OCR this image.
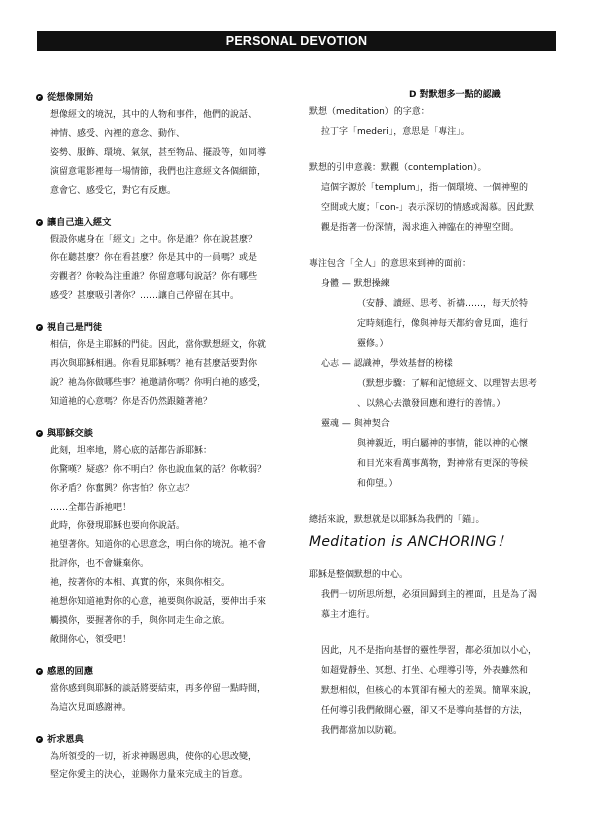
PERSONAL DEVOTION
從想像開始

想像經文的境況，其中的人物和事件，他們的說話、

神情、感受、內裡的意念、動作、

姿勢、服飾、環境、氣氛，甚至物品、擺設等，如同導

演留意電影裡每一場情節，我們也注意經文各個細節，

意會它、感受它，對它有反應。

讓自己進入經文

假設你處身在「經文」之中。你是誰？你在說甚麼？

你在聽甚麼？你在看甚麼？你是其中的一員嗎？或是

旁觀者？你較為注重誰？你留意哪句說話？你有哪些

感受？甚麼吸引著你？……讓自己停留在其中。

視自己是門徒

相信，你是主耶穌的門徒。因此，當你默想經文，你就

再次與耶穌相遇。你看見耶穌嗎？祂有甚麼話要對你

說？祂為你做哪些事？祂邀請你嗎？你明白祂的感受，

知道祂的心意嗎？你是否仍然跟隨著祂？

與耶穌交談

此刻，坦率地，將心底的話都告訴耶穌：

你驚嘆？疑惑？你不明白？你也說血氣的話？你軟弱？

你矛盾？你奮興？你害怕？你立志？

……全都告訴祂吧！

此時，你發現耶穌也要向你說話。

祂望著你。知道你的心思意念，明白你的境況。祂不會

批評你，也不會嫌棄你。

祂，按著你的本相、真實的你，來與你相交。

祂想你知道祂對你的心意，祂要與你說話，要伸出手來

觸摸你，要握著你的手，與你同走生命之旅。

敞開你心，領受吧！

感恩的回應

當你感到與耶穌的談話將要結束，再多停留一點時間，

為這次見面感謝神。

祈求恩典

為所領受的一切，祈求神賜恩典，使你的心思改變，

堅定你愛主的決心，並賜你力量來完成主的旨意。

D 對默想多一點的認識

默想（meditation）的字意：

拉丁字「mederi」，意思是「專注」。

默想的引申意義：默觀（contemplation）。

這個字源於「templum」，指一個環境、一個神聖的

空間或大廈；「con-」表示深切的情感或渴慕。因此默

觀是指著一份深情，渴求進入神臨在的神聖空間。

專注包含「全人」的意思來到神的面前：

身體 — 默想操練

（安靜、讀經、思考、祈禱……，每天於特

定時刻進行，像與神每天都約會見面，進行

靈修。）

心志 — 認識神，學效基督的榜樣

（默想步驟：了解和記憶經文、以理智去思考

、以熱心去激發回應和遵行的善情。）

靈魂 — 與神契合

與神親近，明白屬神的事情，能以神的心懷

和目光來看萬事萬物，對神常有更深的等候

和仰望。）

總括來說，默想就是以耶穌為我們的「錨」。

Meditation is ANCHORING！

耶穌是整個默想的中心。

我們一切所思所想，必須回歸到主的裡面，且是為了渴

慕主才進行。

因此，凡不是指向基督的靈性學習，都必須加以小心，

如超覺靜坐、冥想、打坐、心理導引等，外表雖然和

默想相似，但核心的本質卻有極大的差異。簡單來說，

任何導引我們敞開心靈，卻又不是導向基督的方法，

我們都當加以防範。
